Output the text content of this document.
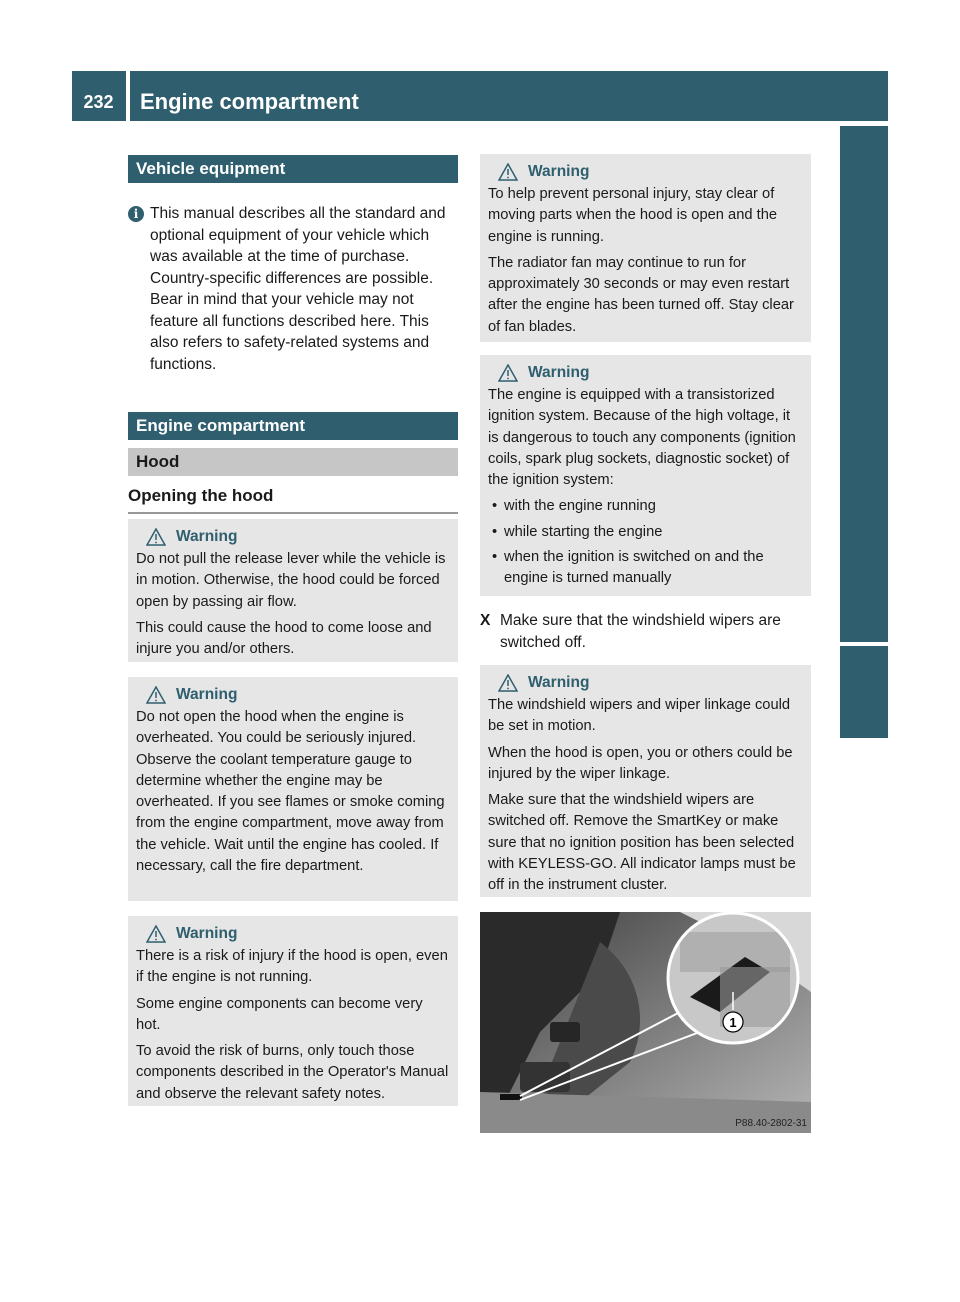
232	Engine compartment
Maintenance and care
Vehicle equipment
i This manual describes all the standard and optional equipment of your vehicle which was available at the time of purchase. Country-specific differences are possible. Bear in mind that your vehicle may not feature all functions described here. This also refers to safety-related systems and functions.

Engine compartment
Hood
Opening the hood
Warning

Do not pull the release lever while the vehicle is in motion. Otherwise, the hood could be forced open by passing air flow.

This could cause the hood to come loose and injure you and/or others.

Warning

Do not open the hood when the engine is overheated. You could be seriously injured. Observe the coolant temperature gauge to determine whether the engine may be overheated. If you see flames or smoke coming from the engine compartment, move away from the vehicle. Wait until the engine has cooled. If necessary, call the fire department.

Warning

There is a risk of injury if the hood is open, even if the engine is not running.

Some engine components can become very hot.

To avoid the risk of burns, only touch those components described in the Operator's Manual and observe the relevant safety notes.

Warning

To help prevent personal injury, stay clear of moving parts when the hood is open and the engine is running.

The radiator fan may continue to run for approximately 30 seconds or may even restart after the engine has been turned off. Stay clear of fan blades.

Warning

The engine is equipped with a transistorized ignition system. Because of the high voltage, it is dangerous to touch any components (ignition coils, spark plug sockets, diagnostic socket) of the ignition system:

• with the engine running
• while starting the engine
• when the ignition is switched on and the engine is turned manually
X Make sure that the windshield wipers are switched off.
Warning

The windshield wipers and wiper linkage could be set in motion.

When the hood is open, you or others could be injured by the wiper linkage.

Make sure that the windshield wipers are switched off. Remove the SmartKey or make sure that no ignition position has been selected with KEYLESS-GO. All indicator lamps must be off in the instrument cluster.

1
P88.40-2802-31
